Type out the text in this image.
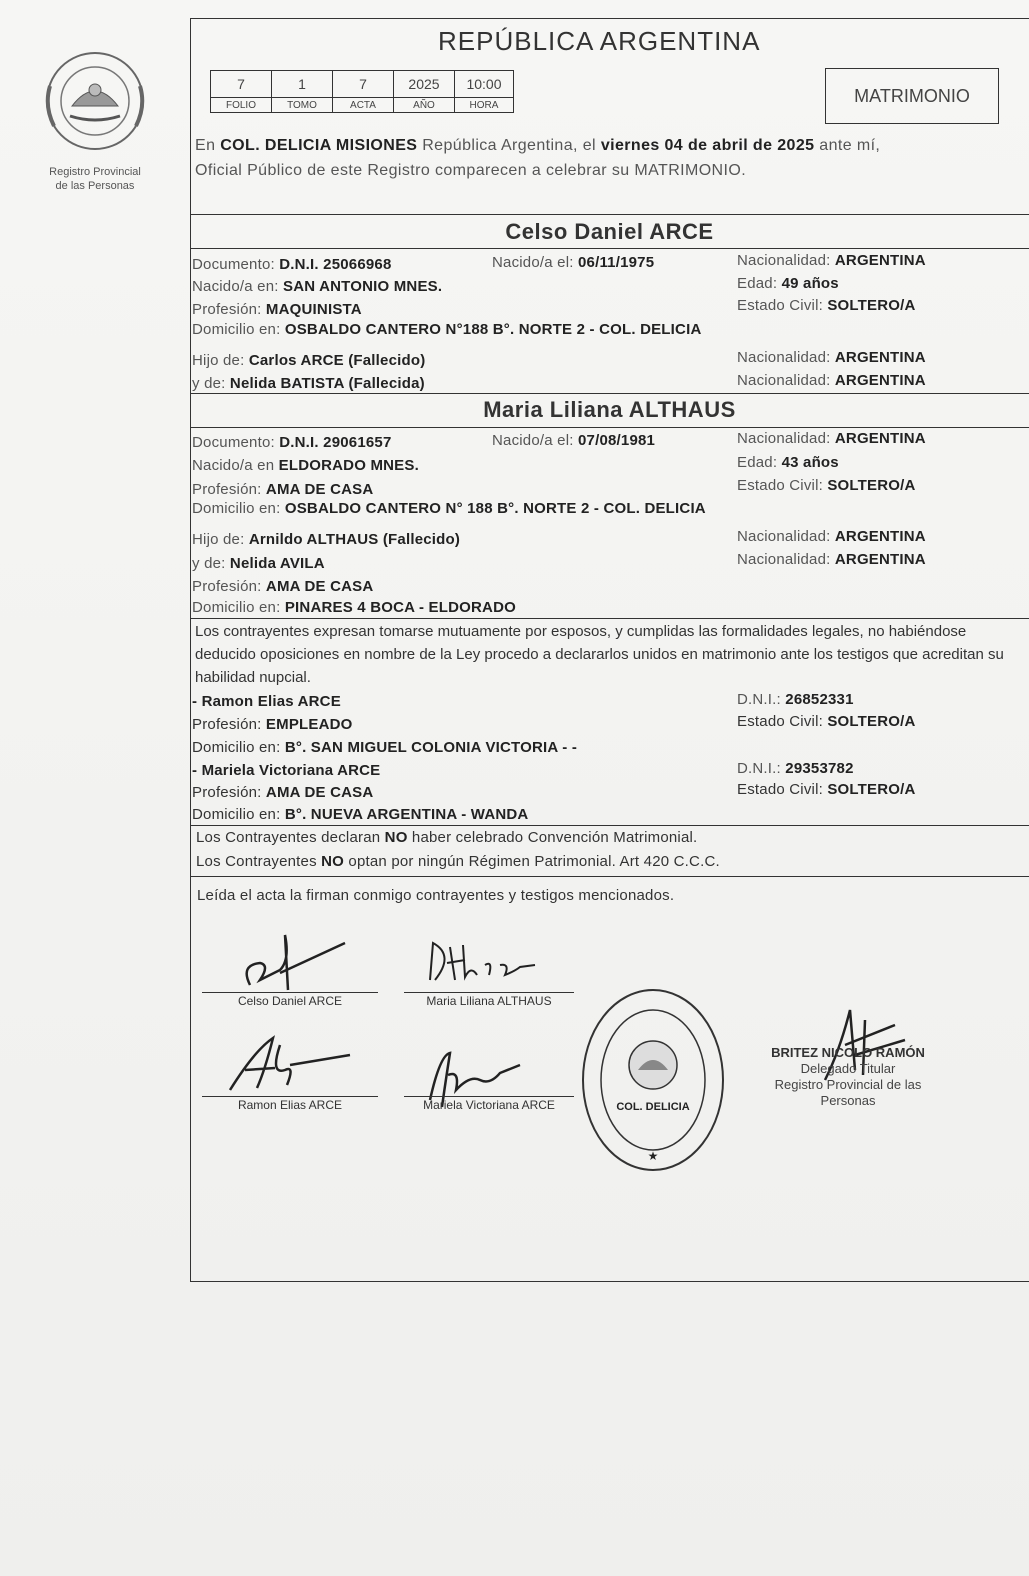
Registro Provincial
de las Personas
REPÚBLICA ARGENTINA
7	1	7	2025	10:00
FOLIO	TOMO	ACTA	AÑO	HORA	MATRIMONIO
En COL. DELICIA MISIONES República Argentina, el viernes 04 de abril de 2025 ante mí,
Oficial Público de este Registro comparecen a celebrar su MATRIMONIO.
Celso Daniel ARCE
Documento: D.N.I. 25066968	Nacido/a el: 06/11/1975	Nacionalidad: ARGENTINA
Nacido/a en: SAN ANTONIO MNES.	Edad: 49 años
Profesión: MAQUINISTA	Estado Civil: SOLTERO/A
Domicilio en: OSBALDO CANTERO N°188 B°. NORTE 2 - COL. DELICIA
Hijo de: Carlos ARCE (Fallecido)	Nacionalidad: ARGENTINA
y de: Nelida BATISTA (Fallecida)	Nacionalidad: ARGENTINA
Maria Liliana ALTHAUS
Documento: D.N.I. 29061657	Nacido/a el: 07/08/1981	Nacionalidad: ARGENTINA
Nacido/a en ELDORADO MNES.	Edad: 43 años
Profesión: AMA DE CASA	Estado Civil: SOLTERO/A
Domicilio en: OSBALDO CANTERO N° 188 B°. NORTE 2 - COL. DELICIA
Hijo de: Arnildo ALTHAUS (Fallecido)	Nacionalidad: ARGENTINA
y de: Nelida AVILA	Nacionalidad: ARGENTINA
Profesión: AMA DE CASA
Domicilio en: PINARES 4 BOCA - ELDORADO
Los contrayentes expresan tomarse mutuamente por esposos, y cumplidas las formalidades legales, no habiéndose deducido oposiciones en nombre de la Ley procedo a declararlos unidos en matrimonio ante los testigos que acreditan su habilidad nupcial.
- Ramon Elias ARCE	D.N.I.: 26852331
Profesión: EMPLEADO	Estado Civil: SOLTERO/A
Domicilio en: B°. SAN MIGUEL COLONIA VICTORIA - -
- Mariela Victoriana ARCE	D.N.I.: 29353782
Profesión: AMA DE CASA	Estado Civil: SOLTERO/A
Domicilio en: B°. NUEVA ARGENTINA - WANDA
Los Contrayentes declaran NO haber celebrado Convención Matrimonial.
Los Contrayentes NO optan por ningún Régimen Patrimonial. Art 420 C.C.C.
Leída el acta la firman conmigo contrayentes y testigos mencionados.
Celso Daniel ARCE	Maria Liliana ALTHAUS
Ramon Elias ARCE	Mariela Victoriana ARCE	COL. DELICIA
★
BRITEZ NICOLO RAMÓN
Delegado Titular
Registro Provincial de las Personas
